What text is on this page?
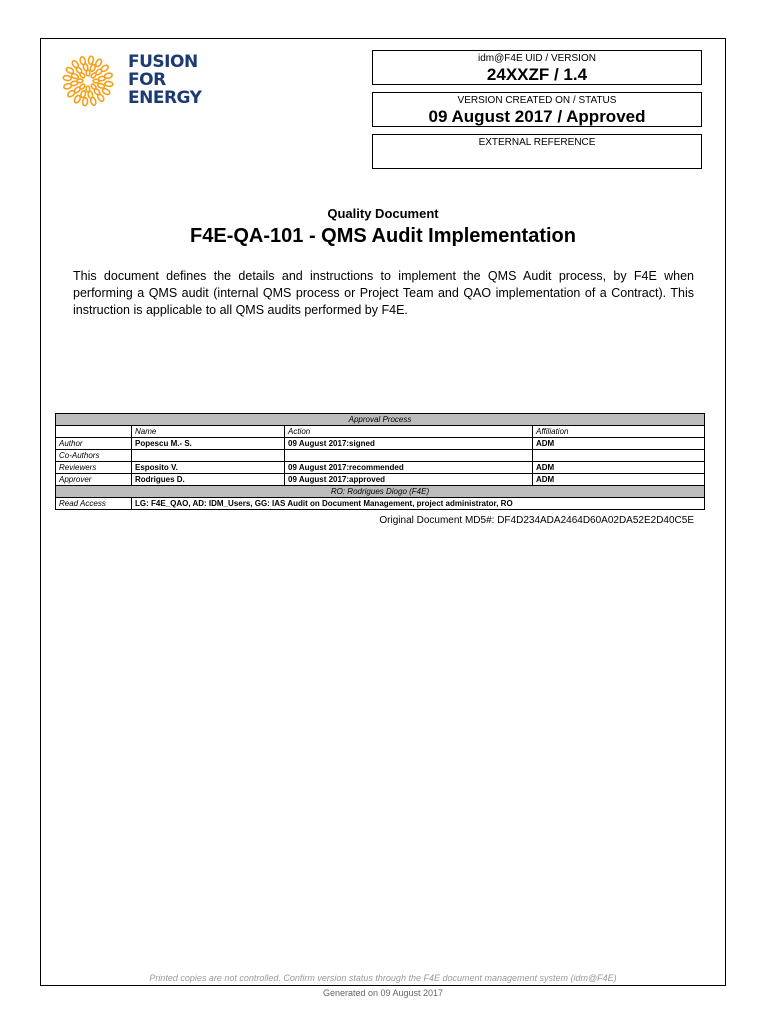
FUSION
FOR
ENERGY
idm@F4E UID / VERSION
24XXZF / 1.4
VERSION CREATED ON / STATUS
09 August 2017 / Approved
EXTERNAL REFERENCE
Quality Document
F4E-QA-101 - QMS Audit Implementation
This document defines the details and instructions to implement the QMS Audit process, by F4E when performing a QMS audit (internal QMS process or Project Team and QAO implementation of a Contract). This instruction is applicable to all QMS audits performed by F4E.
Approval Process			
	Name	Action	Affiliation
Author	Popescu M.- S.	09 August 2017:signed	ADM
Co-Authors			
Reviewers	Esposito V.	09 August 2017:recommended	ADM
Approver	Rodrigues D.	09 August 2017:approved	ADM
RO: Rodrigues Diogo (F4E)			
Read Access	LG: F4E_QAO, AD: IDM_Users, GG: IAS Audit on Document Management, project administrator, RO		
Original Document MD5#: DF4D234ADA2464D60A02DA52E2D40C5E
Printed copies are not controlled. Confirm version status through the F4E document management system (idm@F4E)
Generated on 09 August 2017
